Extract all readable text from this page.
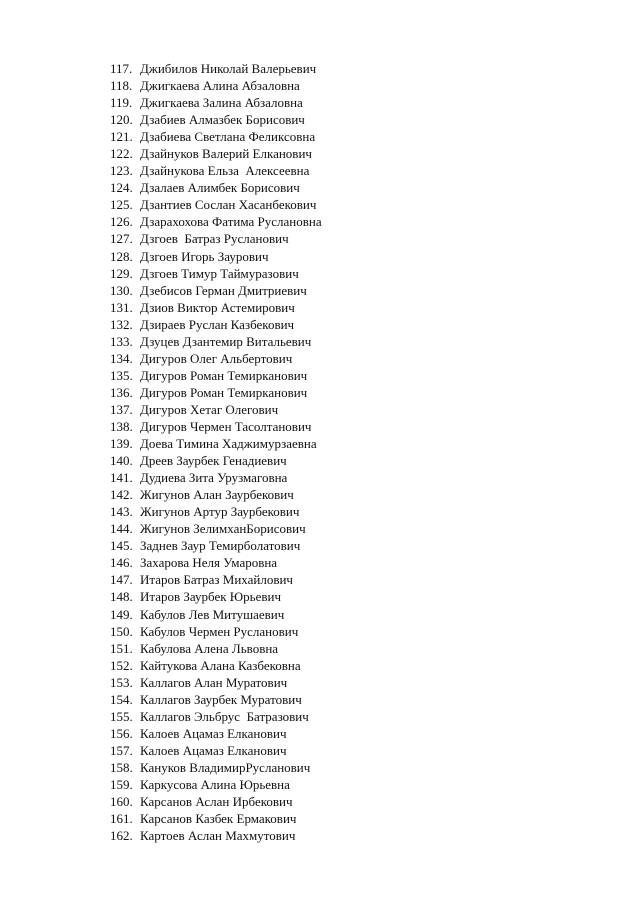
117. Джибилов Николай Валерьевич
118. Джигкаева Алина Абзаловна
119. Джигкаева Залина Абзаловна
120. Дзабиев Алмазбек Борисович
121. Дзабиева Светлана Феликсовна
122. Дзайнуков Валерий Елканович
123. Дзайнукова Ельза  Алексеевна
124. Дзалаев Алимбек Борисович
125. Дзантиев Сослан Хасанбекович
126. Дзарахохова Фатима Руслановна
127. Дзгоев  Батраз Русланович
128. Дзгоев Игорь Заурович
129. Дзгоев Тимур Таймуразович
130. Дзебисов Герман Дмитриевич
131. Дзиов Виктор Астемирович
132. Дзираев Руслан Казбекович
133. Дзуцев Дзантемир Витальевич
134. Дигуров Олег Альбертович
135. Дигуров Роман Темирканович
136. Дигуров Роман Темирканович
137. Дигуров Хетаг Олегович
138. Дигуров Чермен Тасолтанович
139. Доева Тимина Хаджимурзаевна
140. Дреев Заурбек Генадиевич
141. Дудиева Зита Урузмаговна
142. Жигунов Алан Заурбекович
143. Жигунов Артур Заурбекович
144. Жигунов ЗелимханБорисович
145. Заднев Заур Темирболатович
146. Захарова Неля Умаровна
147. Итаров Батраз Михайлович
148. Итаров Заурбек Юрьевич
149. Кабулов Лев Митушаевич
150. Кабулов Чермен Русланович
151. Кабулова Алена Львовна
152. Кайтукова Алана Казбековна
153. Каллагов Алан Муратович
154. Каллагов Заурбек Муратович
155. Каллагов Эльбрус  Батразович
156. Калоев Ацамаз Елканович
157. Калоев Ацамаз Елканович
158. Кануков ВладимирРусланович
159. Каркусова Алина Юрьевна
160. Карсанов Аслан Ирбекович
161. Карсанов Казбек Ермакович
162. Картоев Аслан Махмутович
